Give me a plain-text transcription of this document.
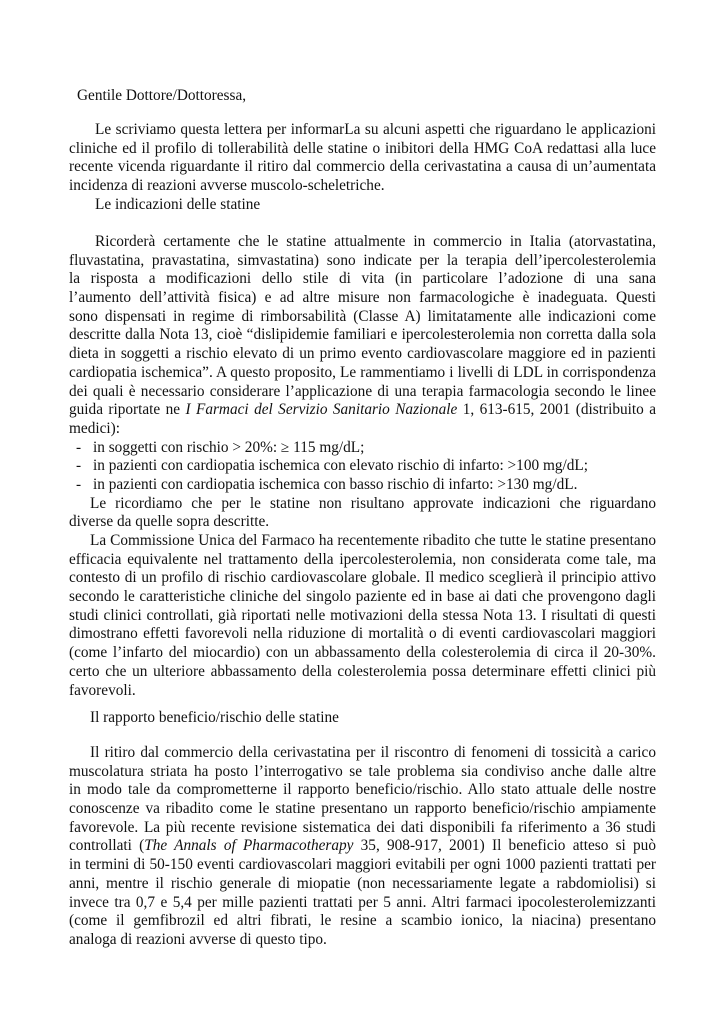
Gentile Dottore/Dottoressa,
Le scriviamo questa lettera per informarLa su alcuni aspetti che riguardano le applicazioni
cliniche ed il profilo di tollerabilità delle statine o inibitori della HMG CoA redattasi alla luce
recente vicenda riguardante il ritiro dal commercio della cerivastatina a causa di un’aumentata
incidenza di reazioni avverse muscolo-scheletriche.
Le indicazioni delle statine
Ricorderà certamente che le statine attualmente in commercio in Italia (atorvastatina,
fluvastatina, pravastatina, simvastatina) sono indicate per la terapia dell’ipercolesterolemia
la risposta a modificazioni dello stile di vita (in particolare l’adozione di una sana
l’aumento dell’attività fisica) e ad altre misure non farmacologiche è inadeguata. Questi
sono dispensati in regime di rimborsabilità (Classe A) limitatamente alle indicazioni come
descritte dalla Nota 13, cioè “dislipidemie familiari e ipercolesterolemia non corretta dalla sola
dieta in soggetti a rischio elevato di un primo evento cardiovascolare maggiore ed in pazienti
cardiopatia ischemica”. A questo proposito, Le rammentiamo i livelli di LDL in corrispondenza
dei quali è necessario considerare l’applicazione di una terapia farmacologia secondo le linee
guida riportate ne I Farmaci del Servizio Sanitario Nazionale 1, 613-615, 2001 (distribuito a
medici):
- in soggetti con rischio > 20%: ≥ 115 mg/dL;
- in pazienti con cardiopatia ischemica con elevato rischio di infarto: >100 mg/dL;
- in pazienti con cardiopatia ischemica con basso rischio di infarto: >130 mg/dL.
Le ricordiamo che per le statine non risultano approvate indicazioni che riguardano
diverse da quelle sopra descritte.
La Commissione Unica del Farmaco ha recentemente ribadito che tutte le statine presentano
efficacia equivalente nel trattamento della ipercolesterolemia, non considerata come tale, ma
contesto di un profilo di rischio cardiovascolare globale. Il medico sceglierà il principio attivo
secondo le caratteristiche cliniche del singolo paziente ed in base ai dati che provengono dagli
studi clinici controllati, già riportati nelle motivazioni della stessa Nota 13. I risultati di questi
dimostrano effetti favorevoli nella riduzione di mortalità o di eventi cardiovascolari maggiori
(come l’infarto del miocardio) con un abbassamento della colesterolemia di circa il 20-30%.
certo che un ulteriore abbassamento della colesterolemia possa determinare effetti clinici più
favorevoli.
Il rapporto beneficio/rischio delle statine
Il ritiro dal commercio della cerivastatina per il riscontro di fenomeni di tossicità a carico
muscolatura striata ha posto l’interrogativo se tale problema sia condiviso anche dalle altre
in modo tale da comprometterne il rapporto beneficio/rischio. Allo stato attuale delle nostre
conoscenze va ribadito come le statine presentano un rapporto beneficio/rischio ampiamente
favorevole. La più recente revisione sistematica dei dati disponibili fa riferimento a 36 studi
controllati (The Annals of Pharmacotherapy 35, 908-917, 2001) Il beneficio atteso si può
in termini di 50-150 eventi cardiovascolari maggiori evitabili per ogni 1000 pazienti trattati per
anni, mentre il rischio generale di miopatie (non necessariamente legate a rabdomiolisi) si
invece tra 0,7 e 5,4 per mille pazienti trattati per 5 anni. Altri farmaci ipocolesterolemizzanti
(come il gemfibrozil ed altri fibrati, le resine a scambio ionico, la niacina) presentano
analoga di reazioni avverse di questo tipo.
